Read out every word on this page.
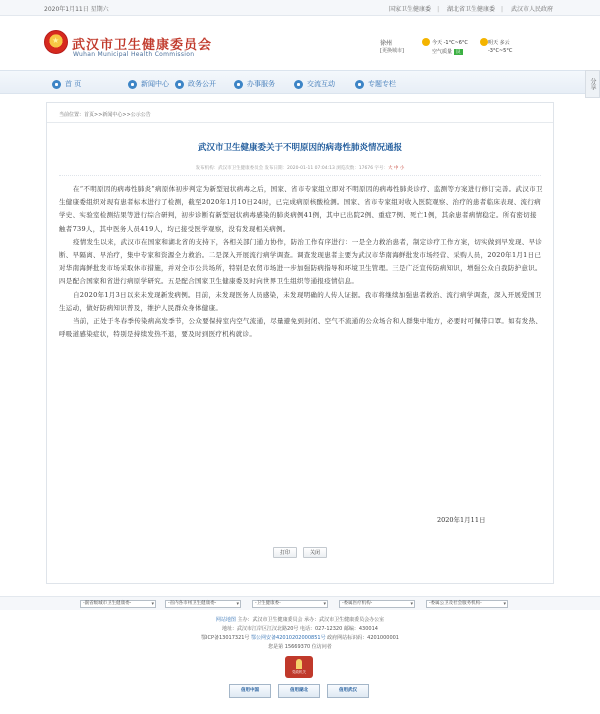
2020年1月11日 星期六	国家卫生健康委 | 湖北省卫生健康委 | 武汉市人民政府
★ 武汉市卫生健康委员会
Wuhan Municipal Health Commission
徐州
[更换城市]
今天 -1°C~6°C
空气质量 良
明天 多云
-3°C~5°C
首 页	新闻中心	政务公开	办事服务	交流互动	专题专栏	分享
当前位置：首页>>新闻中心>>公示公告
武汉市卫生健康委关于不明原因的病毒性肺炎情况通报
发布机构：武汉市卫生健康委员会 发布日期：2020-01-11 07:04:13 浏览次数：17676 字号：大 中 小

在“不明原因的病毒性肺炎”病原体初步判定为新型冠状病毒之后，国家、省市专家组立即对不明原因的病毒性肺炎诊疗、监测等方案进行修订完善。武汉市卫生健康委组织对现有患者标本进行了检测，截至2020年1月10日24时，已完成病原核酸检测。国家、省市专家组对收入医院观察、治疗的患者临床表现、流行病学史、实验室检测结果等进行综合研判，初步诊断有新型冠状病毒感染的肺炎病例41例，其中已出院2例、重症7例、死亡1例，其余患者病情稳定。所有密切接触者739人，其中医务人员419人，均已接受医学观察，没有发现相关病例。

疫情发生以来，武汉市在国家和湖北省的支持下，各相关部门通力协作，防治工作有序进行：一是全力救治患者，制定诊疗工作方案，切实做到早发现、早诊断、早隔离、早治疗，集中专家和资源全力救治。二是深入开展流行病学调查。调查发现患者主要为武汉市华南海鲜批发市场经营、采购人员，2020年1月1日已对华南海鲜批发市场采取休市措施，并对全市公共场所，特别是农贸市场进一步加强防病指导和环境卫生管理。三是广泛宣传防病知识，增强公众自我防护意识。四是配合国家和省进行病原学研究。五是配合国家卫生健康委及时向世界卫生组织等通报疫情信息。

自2020年1月3日以来未发现新发病例。目前，未发现医务人员感染，未发现明确的人传人证据。我市将继续加强患者救治、流行病学调查，深入开展爱国卫生运动，做好防病知识普及，维护人民群众身体健康。

当前，正处于冬春季传染病高发季节，公众要保持室内空气流通，尽量避免到封闭、空气不流通的公众场合和人群集中地方，必要时可佩带口罩。如有发热、呼吸道感染症状，特别是持续发热不退，要及时到医疗机构就诊。

2020年1月11日
打印	关闭
-副省级城市卫生健康委- ▾	-省内各市州卫生健康委- ▾	-卫生健康委- ▾	-委属医疗机构- ▾	-委属公卫及社会服务机构- ▾
网站地图 主办：武汉市卫生健康委员会 承办：武汉市卫生健康委员会办公室
地址：武汉市江岸区江汉北路20号 电话：027-12320 邮编：430014
鄂ICP备13017321号 鄂公网安备42010202000851号 政府网站标识码：4201000001
您是第 15669370 位访问者
党政机关
信用中国	信用湖北	信用武汉
